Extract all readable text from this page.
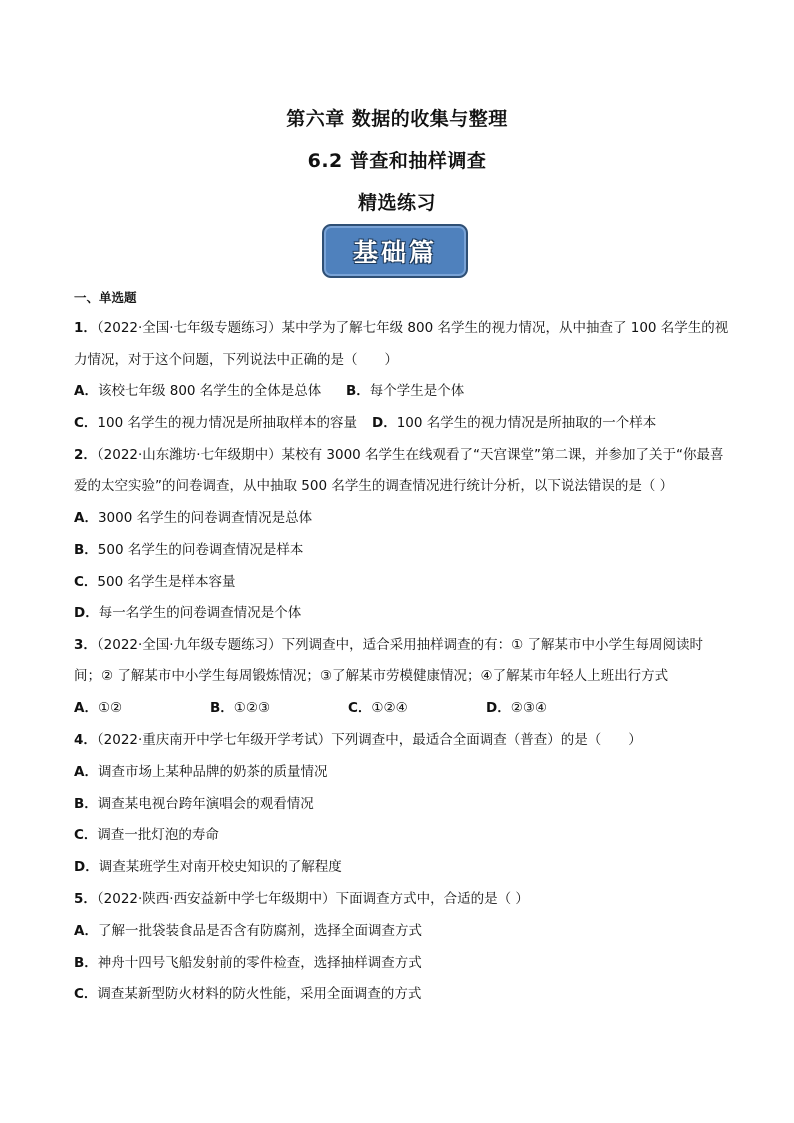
第六章 数据的收集与整理
6.2 普查和抽样调查
精选练习
基础篇
一、单选题
1．（2022·全国·七年级专题练习）某中学为了解七年级 800 名学生的视力情况，从中抽查了 100 名学生的视
力情况，对于这个问题，下列说法中正确的是（　　）
A．该校七年级 800 名学生的全体是总体	B．每个学生是个体
C．100 名学生的视力情况是所抽取样本的容量	D．100 名学生的视力情况是所抽取的一个样本
2．（2022·山东潍坊·七年级期中）某校有 3000 名学生在线观看了“天宫课堂”第二课，并参加了关于“你最喜
爱的太空实验”的问卷调查，从中抽取 500 名学生的调查情况进行统计分析，以下说法错误的是（ ）
A．3000 名学生的问卷调查情况是总体
B．500 名学生的问卷调查情况是样本
C．500 名学生是样本容量
D．每一名学生的问卷调查情况是个体
3．（2022·全国·九年级专题练习）下列调查中，适合采用抽样调查的有：① 了解某市中小学生每周阅读时
间；② 了解某市中小学生每周锻炼情况；③了解某市劳模健康情况；④了解某市年轻人上班出行方式
A．①②	B．①②③	C．①②④	D．②③④
4．（2022·重庆南开中学七年级开学考试）下列调查中，最适合全面调查（普查）的是（　　）
A．调查市场上某种品牌的奶茶的质量情况
B．调查某电视台跨年演唱会的观看情况
C．调查一批灯泡的寿命
D．调查某班学生对南开校史知识的了解程度
5．（2022·陕西·西安益新中学七年级期中）下面调查方式中，合适的是（ ）
A．了解一批袋装食品是否含有防腐剂，选择全面调查方式
B．神舟十四号飞船发射前的零件检查，选择抽样调查方式
C．调查某新型防火材料的防火性能，采用全面调查的方式
